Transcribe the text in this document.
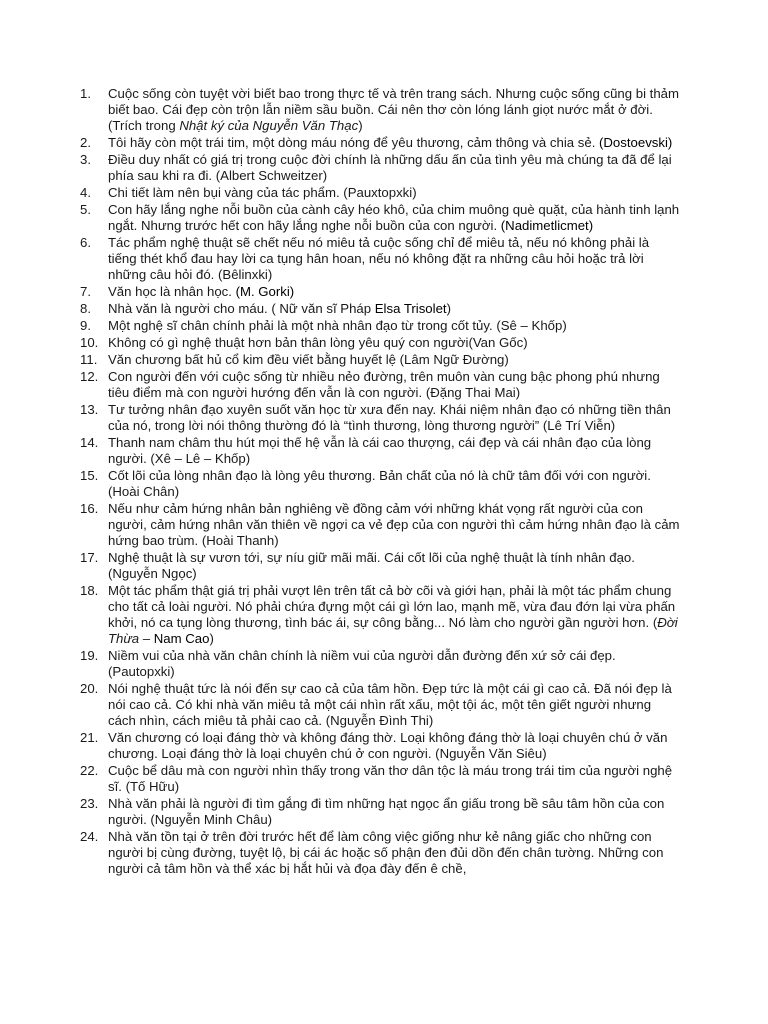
1.	Cuộc sống còn tuyệt vời biết bao trong thực tế và trên trang sách. Nhưng cuộc sống cũng bi thảm biết bao. Cái đẹp còn trộn lẫn niềm sầu buồn. Cái nên thơ còn lóng lánh giọt nước mắt ở đời. (Trích trong Nhật ký của Nguyễn Văn Thạc)
2.	Tôi hãy còn một trái tim, một dòng máu nóng để yêu thương, cảm thông và chia sẻ. (Dostoevski)
3.	Điều duy nhất có giá trị trong cuộc đời chính là những dấu ấn của tình yêu mà chúng ta đã để lại phía sau khi ra đi. (Albert Schweitzer)
4.	Chi tiết làm nên bụi vàng của tác phẩm. (Pauxtopxki)
5.	Con hãy lắng nghe nỗi buồn của cành cây héo khô, của chim muông què quặt, của hành tinh lạnh ngắt. Nhưng trước hết con hãy lắng nghe nỗi buồn của con người. (Nadimetlicmet)
6.	Tác phẩm nghệ thuật sẽ chết nếu nó miêu tả cuộc sống chỉ để miêu tả, nếu nó không phải là tiếng thét khổ đau hay lời ca tụng hân hoan, nếu nó không đặt ra những câu hỏi hoặc trả lời những câu hỏi đó. (Bêlinxki)
7.	Văn học là nhân học. (M. Gorki)
8.	Nhà văn là người cho máu. ( Nữ văn sĩ Pháp Elsa Trisolet)
9.	Một nghệ sĩ chân chính phải là một nhà nhân đạo từ trong cốt tủy. (Sê – Khốp)
10. Không có gì nghệ thuật hơn bản thân lòng yêu quý con người(Van Gốc)
11. Văn chương bất hủ cổ kim đều viết bằng huyết lệ (Lâm Ngữ Đường)
12. Con người đến với cuộc sống từ nhiều nẻo đường, trên muôn vàn cung bậc phong phú nhưng tiêu điểm mà con người hướng đến vẫn là con người. (Đặng Thai Mai)
13. Tư tưởng nhân đạo xuyên suốt văn học từ xưa đến nay. Khái niệm nhân đạo có những tiền thân của nó, trong lời nói thông thường đó là “tình thương, lòng thương người” (Lê Trí Viễn)
14. Thanh nam châm thu hút mọi thế hệ vẫn là cái cao thượng, cái đẹp và cái nhân đạo của lòng người. (Xê – Lê – Khốp)
15. Cốt lõi của lòng nhân đạo là lòng yêu thương. Bản chất của nó là chữ tâm đối với con người. (Hoài Chân)
16. Nếu như cảm hứng nhân bản nghiêng về đồng cảm với những khát vọng rất người của con người, cảm hứng nhân văn thiên về ngợi ca vẻ đẹp của con người thì cảm hứng nhân đạo là cảm hứng bao trùm. (Hoài Thanh)
17. Nghệ thuật là sự vươn tới, sự níu giữ mãi mãi. Cái cốt lõi của nghệ thuật là tính nhân đạo. (Nguyễn Ngọc)
18. Một tác phẩm thật giá trị phải vượt lên trên tất cả bờ cõi và giới hạn, phải là một tác phẩm chung cho tất cả loài người. Nó phải chứa đựng một cái gì lớn lao, mạnh mẽ, vừa đau đớn lại vừa phấn khởi, nó ca tụng lòng thương, tình bác ái, sự công bằng... Nó làm cho người gần người hơn. (Đời Thừa – Nam Cao)
19. Niềm vui của nhà văn chân chính là niềm vui của người dẫn đường đến xứ sở cái đẹp. (Pautopxki)
20. Nói nghệ thuật tức là nói đến sự cao cả của tâm hồn. Đẹp tức là một cái gì cao cả. Đã nói đẹp là nói cao cả. Có khi nhà văn miêu tả một cái nhìn rất xấu, một tội ác, một tên giết người nhưng cách nhìn, cách miêu tả phải cao cả. (Nguyễn Đình Thi)
21. Văn chương có loại đáng thờ và không đáng thờ. Loại không đáng thờ là loại chuyên chú ở văn chương. Loại đáng thờ là loại chuyên chú ở con người. (Nguyễn Văn Siêu)
22. Cuộc bể dâu mà con người nhìn thấy trong văn thơ dân tộc là máu trong trái tim của người nghệ sĩ. (Tố Hữu)
23. Nhà văn phải là người đi tìm gắng đi tìm những hạt ngọc ẩn giấu trong bề sâu tâm hồn của con người. (Nguyễn Minh Châu)
24. Nhà văn tồn tại ở trên đời trước hết để làm công việc giống như kẻ nâng giấc cho những con người bị cùng đường, tuyệt lộ, bị cái ác hoặc số phận đen đủi dồn đến chân tường. Những con người cả tâm hồn và thể xác bị hắt hủi và đọa đày đến ê chề,
